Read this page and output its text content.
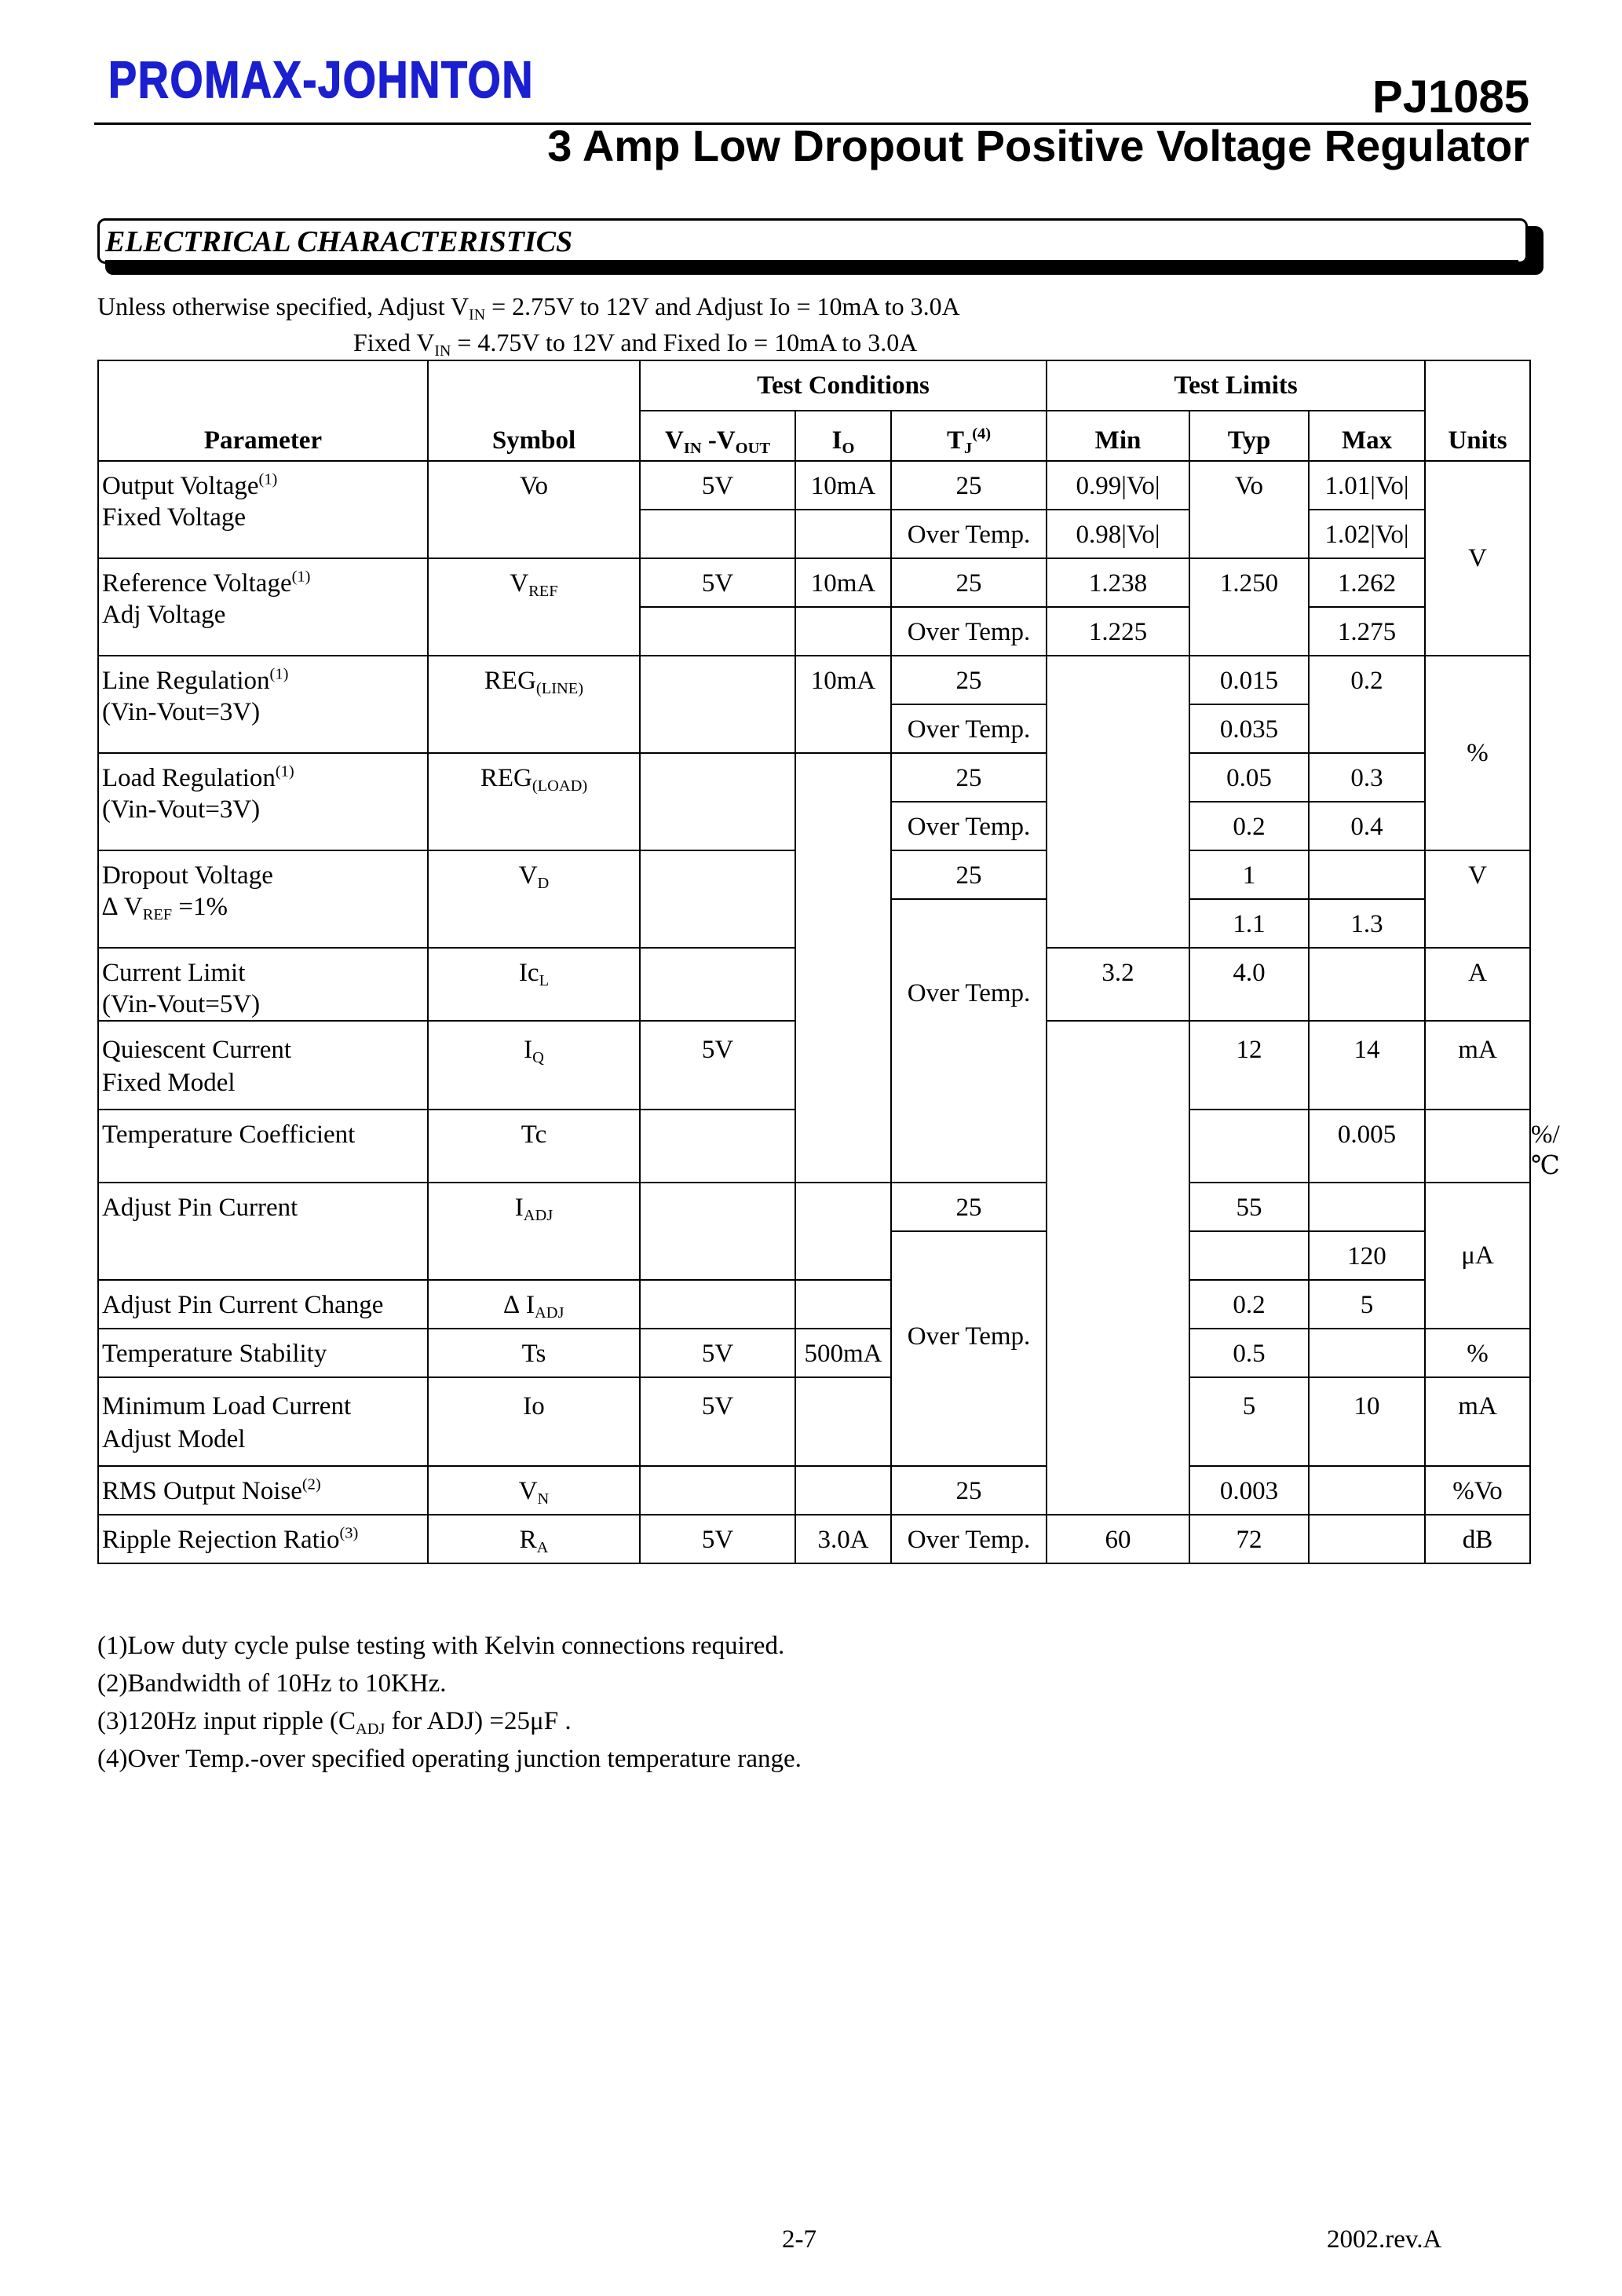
PROMAX-JOHNTON	PJ1085
3 Amp Low Dropout Positive Voltage Regulator
ELECTRICAL CHARACTERISTICS
Unless otherwise specified, Adjust $V_{IN} = 2.75V$ to 12V and Adjust Io = 10mA to 3.0A
Fixed $V_{IN} = 4.75V$ to 12V and Fixed Io = 10mA to 3.0A
Parameter	Symbol	Test Conditions			Test Limits			Units	
		$V_{IN}$ $-V_{OUT}$	$I_O$	$T_J^{(4)}$	Min	Typ	Max		
Output Voltage$^{(1)}$
Fixed Voltage	Vo	5V	10mA	25	0.99|Vo|	Vo	1.01|Vo|	V	
				Over Temp.	0.98|Vo|		1.02|Vo|		
Reference Voltage$^{(1)}$
Adj Voltage	$V_{REF}$	5V	10mA	25	1.238	1.250	1.262		
				Over Temp.	1.225		1.275		
Line Regulation$^{(1)}$
(Vin-Vout=3V)	$REG_{(LINE)}$		10mA	25		0.015	0.2	%	
				Over Temp.		0.035			
Load Regulation$^{(1)}$
(Vin-Vout=3V)	$REG_{(LOAD)}$			25		0.05	0.3		
				Over Temp.		0.2	0.4		
Dropout Voltage
∆ $V_{REF} =1\%$	$V_D$			25		1		V	
				Over Temp.		1.1	1.3		
Current Limit
(Vin-Vout=5V)	$Ic_L$				3.2	4.0		A	

Quiescent Current
Fixed Model	$I_Q$	5V				12	14	mA	
Temperature Coefficient	Tc						0.005		%/℃
Adjust Pin Current	$I_{ADJ}$			25		55		μA	
				Over Temp.			120		
Adjust Pin Current Change	∆ $I_{ADJ}$					0.2	5		
Temperature Stability	Ts	5V	500mA			0.5		%	
Minimum Load Current
Adjust Model	Io	5V				5	10	mA	
RMS Output Noise$^{(2)}$	$V_N$			25		0.003		%Vo	
Ripple Rejection Ratio$^{(3)}$	$R_A$	5V	3.0A	Over Temp.	60	72		dB	
(1)Low duty cycle pulse testing with Kelvin connections required.
(2)Bandwidth of 10Hz to 10KHz.
(3)120Hz input ripple ($C_{ADJ}$ for ADJ) =25μF .
(4)Over Temp.-over specified operating junction temperature range.
2-7	2002.rev.A
